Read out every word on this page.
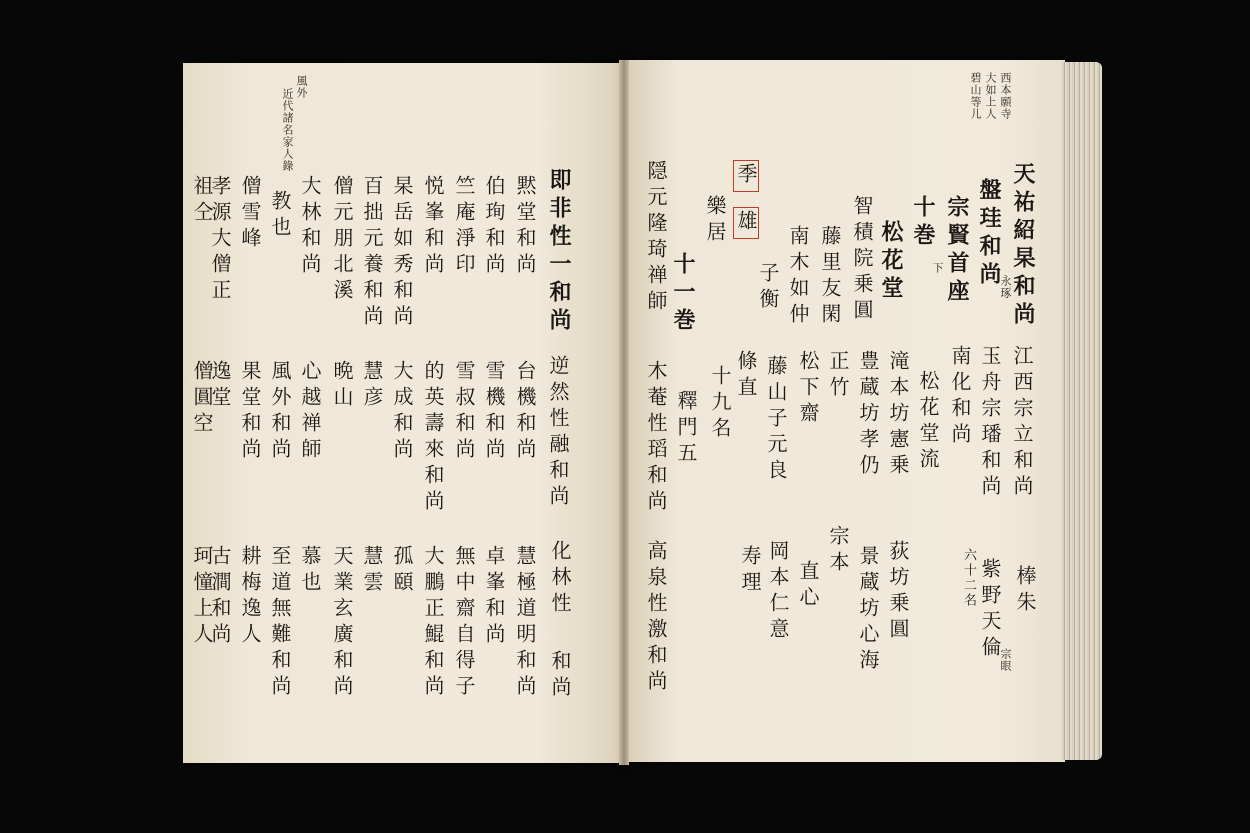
西本願寺
大如上人
碧山等儿
天祐紹杲和尚
江西宗立和尚
棒朱
盤珪和尚
永琢
玉舟宗璠和尚
紫野天倫
宗眼
宗賢首座
南化和尚
六十二名
十巻
下
松花堂流
松花堂
滝本坊憲乗
荻坊乗圓
智積院乗圓
豊蔵坊孝仍
景蔵坊心海
藤里友閑
正竹
宗本
南木如仲
松下齋
直心
子衡
藤山子元良
岡本仁意
季
雄
條直
寿理
樂居
十九名
十一巻
釋門五
隠元隆琦禅師
木菴性瑫和尚
高泉性激和尚
風外
近代諸名家人錄
即非性一和尚
逆然性融和尚
化林性
和尚
黙堂和尚
台機和尚
慧極道明和尚
伯珣和尚
雪機和尚
卓峯和尚
竺庵淨印
雪叔和尚
無中齋自得子
悦峯和尚
的英壽來和尚
大鵬正鯤和尚
杲岳如秀和尚
大成和尚
孤頤
百拙元養和尚
慧彦
慧雲
僧元朋北溪
晩山
天業玄廣和尚
大林和尚
心越禅師
慕也
教也
風外和尚
至道無難和尚
僧雪峰
果堂和尚
耕梅逸人
孝源大僧正
逸堂
古澗和尚
祖仝
僧圓空
珂憧上人
